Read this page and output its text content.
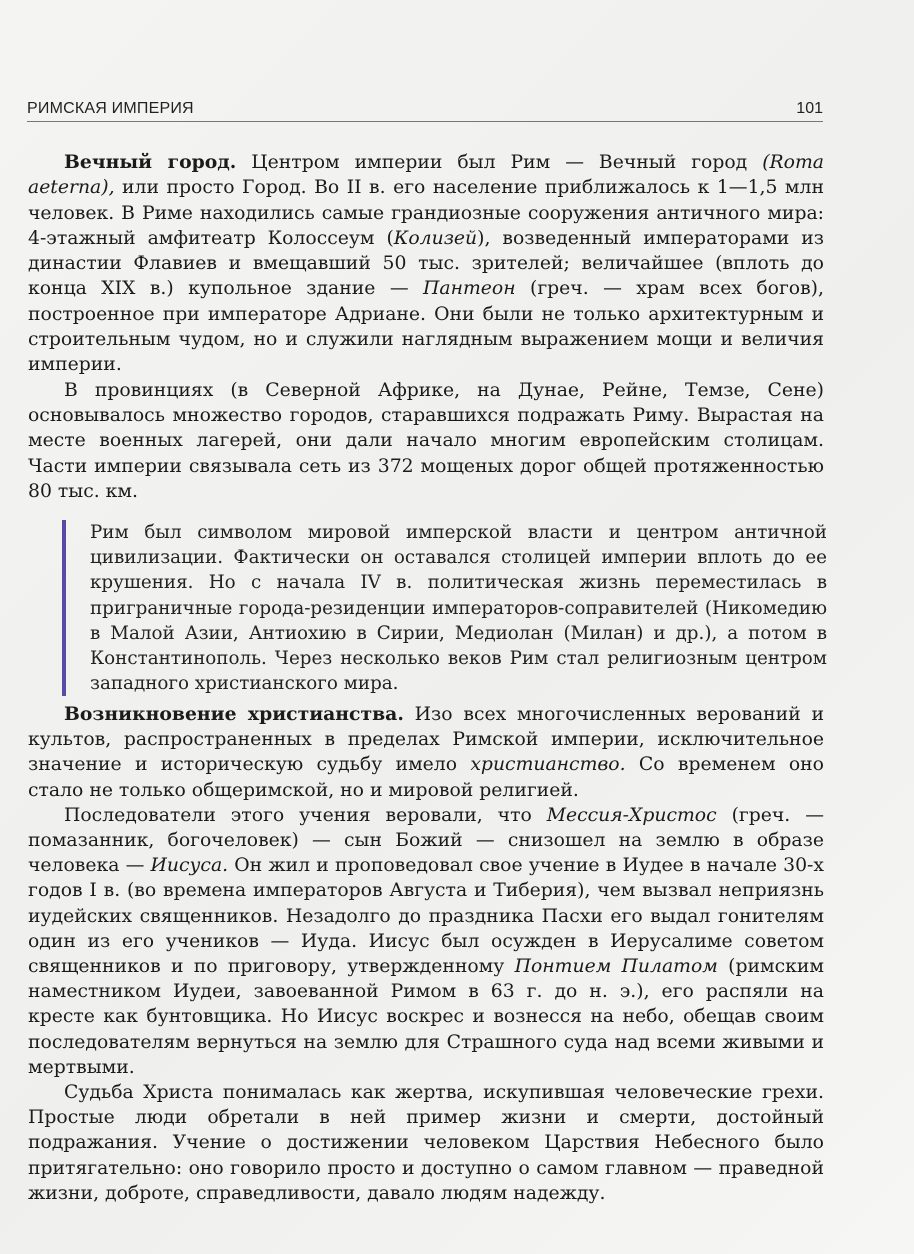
РИМСКАЯ ИМПЕРИЯ	101

Вечный город. Центром империи был Рим — Вечный город (Roma aeterna), или просто Город. Во II в. его население приближалось к 1—1,5 млн человек. В Риме находились самые грандиозные сооружения античного мира: 4-этажный амфитеатр Колоссеум (Колизей), возведенный императорами из династии Флавиев и вмещавший 50 тыс. зрителей; величайшее (вплоть до конца XIX в.) купольное здание — Пантеон (греч. — храм всех богов), построенное при императоре Адриане. Они были не только архитектурным и строительным чудом, но и служили наглядным выражением мощи и величия империи.

В провинциях (в Северной Африке, на Дунае, Рейне, Темзе, Сене) основывалось множество городов, старавшихся подражать Риму. Вырастая на месте военных лагерей, они дали начало многим европейским столицам. Части империи связывала сеть из 372 мощеных дорог общей протяженностью 80 тыс. км.

Рим был символом мировой имперской власти и центром античной цивилизации. Фактически он оставался столицей империи вплоть до ее крушения. Но с начала IV в. политическая жизнь переместилась в приграничные города-резиденции императоров-соправителей (Никомедию в Малой Азии, Антиохию в Сирии, Медиолан (Милан) и др.), а потом в Константинополь. Через несколько веков Рим стал религиозным центром западного христианского мира.

Возникновение христианства. Изо всех многочисленных верований и культов, распространенных в пределах Римской империи, исключительное значение и историческую судьбу имело христианство. Со временем оно стало не только общеримской, но и мировой религией.

Последователи этого учения веровали, что Мессия-Христос (греч. — помазанник, богочеловек) — сын Божий — снизошел на землю в образе человека — Иисуса. Он жил и проповедовал свое учение в Иудее в начале 30-х годов I в. (во времена императоров Августа и Тиберия), чем вызвал неприязнь иудейских священников. Незадолго до праздника Пасхи его выдал гонителям один из его учеников — Иуда. Иисус был осужден в Иерусалиме советом священников и по приговору, утвержденному Понтием Пилатом (римским наместником Иудеи, завоеванной Римом в 63 г. до н. э.), его распяли на кресте как бунтовщика. Но Иисус воскрес и вознесся на небо, обещав своим последователям вернуться на землю для Страшного суда над всеми живыми и мертвыми.

Судьба Христа понималась как жертва, искупившая человеческие грехи. Простые люди обретали в ней пример жизни и смерти, достойный подражания. Учение о достижении человеком Царствия Небесного было притягательно: оно говорило просто и доступно о самом главном — праведной жизни, доброте, справедливости, давало людям надежду.
